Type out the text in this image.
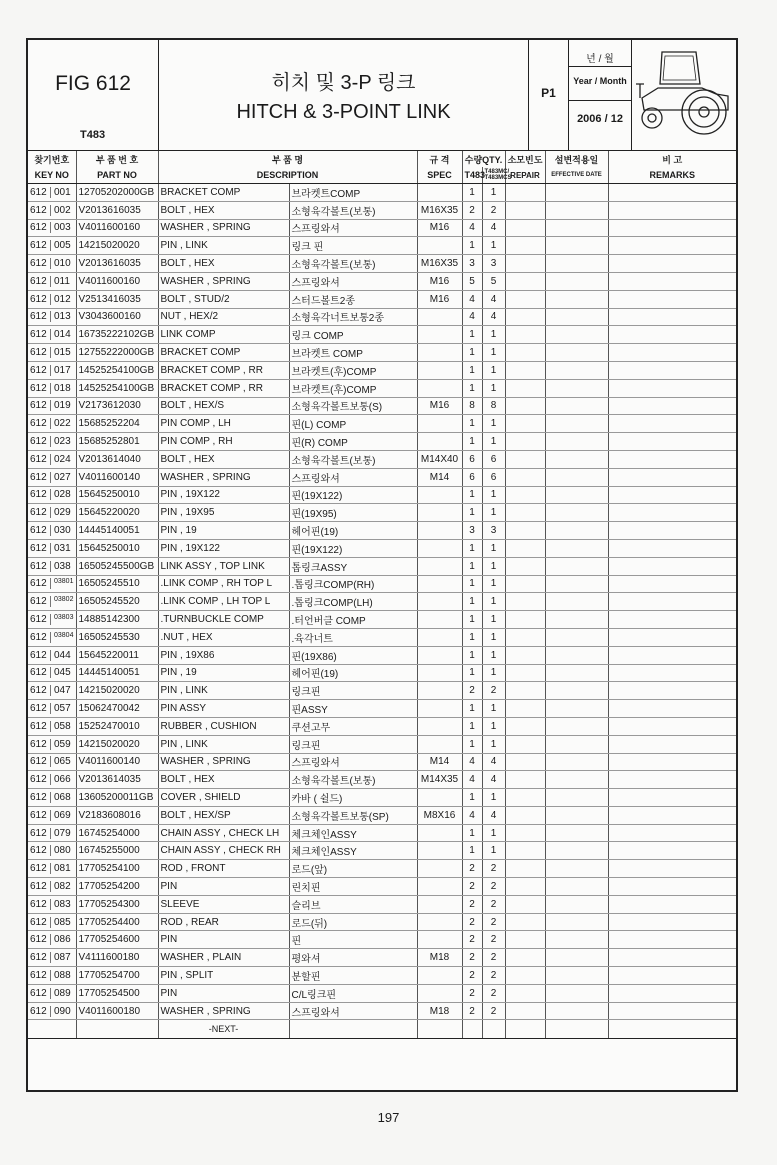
FIG 612
T483
히치 및 3-P 링크
HITCH & 3-POINT LINK
P1
년 / 월
Year / Month
2006 / 12
찾기번호	부 품 번 호	부 품 명		규 격	수량QTY.		소모빈도	설변적용일	비 고
KEY NO	PART NO	DESCRIPTION		SPEC	T483	T483MC/
T483MCS	REPAIR	EFFECTIVE DATE	REMARKS

612 001	12705202000GB	BRACKET COMP	브라켓트COMP		1	1			

612 002	V2013616035	BOLT , HEX	소형육각볼트(보통)	M16X35	2	2			

612 003	V4011600160	WASHER , SPRING	스프링와셔	M16	4	4			

612 005	14215020020	PIN , LINK	링크 핀		1	1			

612 010	V2013616035	BOLT , HEX	소형육각볼트(보통)	M16X35	3	3			

612 011	V4011600160	WASHER , SPRING	스프링와셔	M16	5	5			

612 012	V2513416035	BOLT , STUD/2	스터드볼트2종	M16	4	4			

612 013	V3043600160	NUT , HEX/2	소형육각너트보통2종		4	4			

612 014	16735222102GB	LINK COMP	링크 COMP		1	1			

612 015	12755222000GB	BRACKET COMP	브라켓트 COMP		1	1			

612 017	14525254100GB	BRACKET COMP , RR	브라켓트(후)COMP		1	1			

612 018	14525254100GB	BRACKET COMP , RR	브라켓트(후)COMP		1	1			

612 019	V2173612030	BOLT , HEX/S	소형육각볼트보통(S)	M16	8	8			

612 022	15685252204	PIN COMP , LH	핀(L) COMP		1	1			

612 023	15685252801	PIN COMP , RH	핀(R) COMP		1	1			

612 024	V2013614040	BOLT , HEX	소형육각볼트(보통)	M14X40	6	6			

612 027	V4011600140	WASHER , SPRING	스프링와셔	M14	6	6			

612 028	15645250010	PIN , 19X122	핀(19X122)		1	1			

612 029	15645220020	PIN , 19X95	핀(19X95)		1	1			

612 030	14445140051	PIN , 19	헤어핀(19)		3	3			

612 031	15645250010	PIN , 19X122	핀(19X122)		1	1			

612 038	16505245500GB	LINK ASSY , TOP LINK	톱링크ASSY		1	1			

612 03801	16505245510	.LINK COMP , RH TOP L	.톱링크COMP(RH)		1	1			

612 03802	16505245520	.LINK COMP , LH TOP L	.톱링크COMP(LH)		1	1			

612 03803	14885142300	.TURNBUCKLE COMP	.터언버클 COMP		1	1			

612 03804	16505245530	.NUT , HEX	.육각너트		1	1			

612 044	15645220011	PIN , 19X86	핀(19X86)		1	1			

612 045	14445140051	PIN , 19	헤어핀(19)		1	1			

612 047	14215020020	PIN , LINK	링크핀		2	2			

612 057	15062470042	PIN ASSY	핀ASSY		1	1			

612 058	15252470010	RUBBER , CUSHION	쿠션고무		1	1			

612 059	14215020020	PIN , LINK	링크핀		1	1			

612 065	V4011600140	WASHER , SPRING	스프링와셔	M14	4	4			

612 066	V2013614035	BOLT , HEX	소형육각볼트(보통)	M14X35	4	4			

612 068	13605200011GB	COVER , SHIELD	카바 ( 쉴드)		1	1			

612 069	V2183608016	BOLT , HEX/SP	소형육각볼트보통(SP)	M8X16	4	4			

612 079	16745254000	CHAIN ASSY , CHECK LH	체크체인ASSY		1	1			

612 080	16745255000	CHAIN ASSY , CHECK RH	체크체인ASSY		1	1			

612 081	17705254100	ROD , FRONT	로드(앞)		2	2			

612 082	17705254200	PIN	린치핀		2	2			

612 083	17705254300	SLEEVE	슬리브		2	2			

612 085	17705254400	ROD , REAR	로드(뒤)		2	2			

612 086	17705254600	PIN	핀		2	2			

612 087	V4111600180	WASHER , PLAIN	평와셔	M18	2	2			

612 088	17705254700	PIN , SPLIT	분할핀		2	2			

612 089	17705254500	PIN	C/L링크핀		2	2			

612 090	V4011600180	WASHER , SPRING	스프링와셔	M18	2	2			
		-NEXT-							
197
